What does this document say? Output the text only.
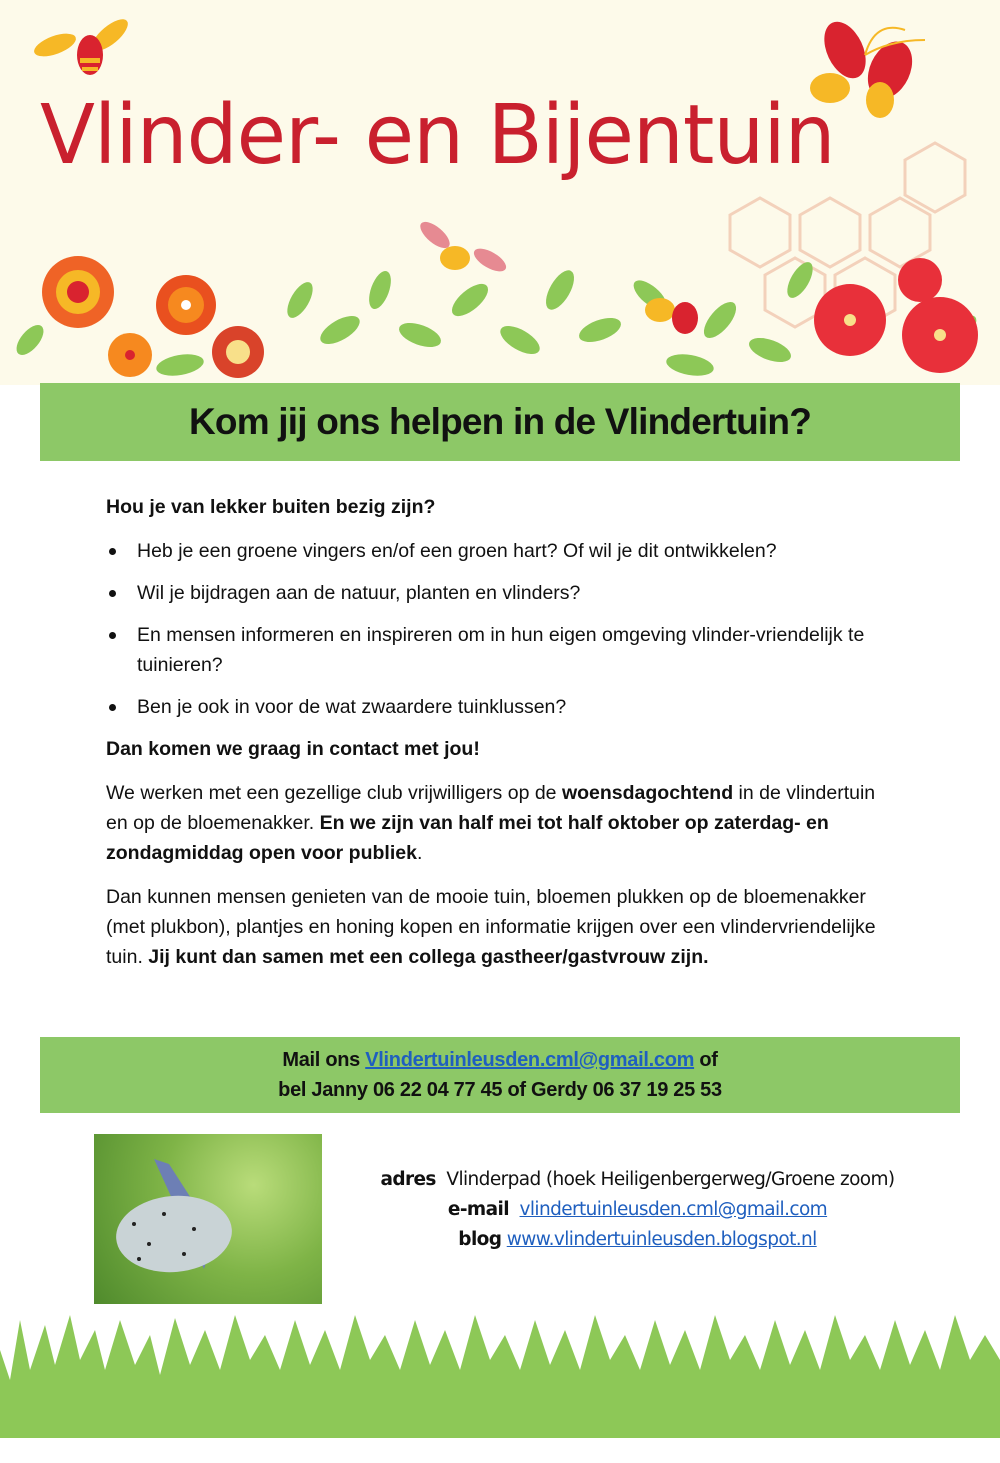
Vlinder- en Bijentuin
Kom jij ons helpen in de Vlindertuin?

Hou je van lekker buiten bezig zijn?

Heb je een groene vingers en/of een groen hart? Of wil je dit ontwikkelen?
Wil je bijdragen aan de natuur, planten en vlinders?
En mensen informeren en inspireren om in hun eigen omgeving vlinder-vriendelijk te tuinieren?
Ben je ook in voor de wat zwaardere tuinklussen?

Dan komen we graag in contact met jou!

We werken met een gezellige club vrijwilligers op de woensdagochtend in de vlindertuin en op de bloemenakker. En we zijn van half mei tot half oktober op zaterdag- en zondagmiddag open voor publiek.

Dan kunnen mensen genieten van de mooie tuin, bloemen plukken op de bloemenakker (met plukbon), plantjes en honing kopen en informatie krijgen over een vlindervriendelijke tuin. Jij kunt dan samen met een collega gastheer/gastvrouw zijn.

Mail ons Vlindertuinleusden.cml@gmail.com of
bel Janny 06 22 04 77 45 of Gerdy 06 37 19 25 53
adres Vlinderpad (hoek Heiligenbergerweg/Groene zoom)
e-mail vlindertuinleusden.cml@gmail.com
blog www.vlindertuinleusden.blogspot.nl
